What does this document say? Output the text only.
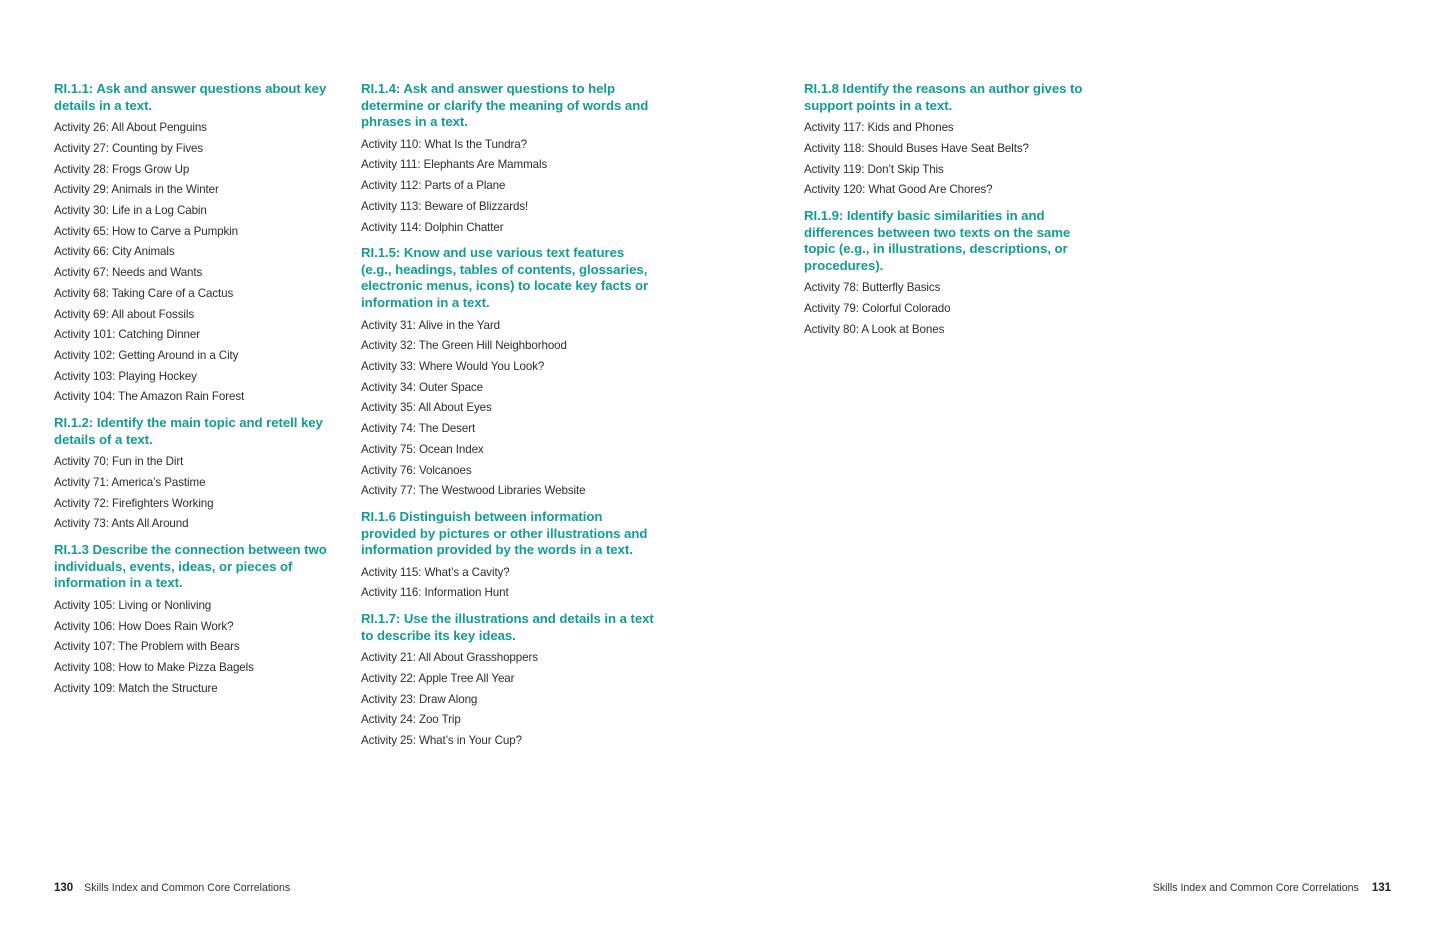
RI.1.1: Ask and answer questions about key details in a text.
Activity 26: All About Penguins
Activity 27: Counting by Fives
Activity 28: Frogs Grow Up
Activity 29: Animals in the Winter
Activity 30: Life in a Log Cabin
Activity 65: How to Carve a Pumpkin
Activity 66: City Animals
Activity 67: Needs and Wants
Activity 68: Taking Care of a Cactus
Activity 69: All about Fossils
Activity 101: Catching Dinner
Activity 102: Getting Around in a City
Activity 103: Playing Hockey
Activity 104: The Amazon Rain Forest
RI.1.2: Identify the main topic and retell key details of a text.
Activity 70: Fun in the Dirt
Activity 71: America’s Pastime
Activity 72: Firefighters Working
Activity 73: Ants All Around
RI.1.3 Describe the connection between two individuals, events, ideas, or pieces of information in a text.
Activity 105: Living or Nonliving
Activity 106: How Does Rain Work?
Activity 107: The Problem with Bears
Activity 108: How to Make Pizza Bagels
Activity 109: Match the Structure
RI.1.4: Ask and answer questions to help determine or clarify the meaning of words and phrases in a text.
Activity 110: What Is the Tundra?
Activity 111: Elephants Are Mammals
Activity 112: Parts of a Plane
Activity 113: Beware of Blizzards!
Activity 114: Dolphin Chatter
RI.1.5: Know and use various text features (e.g., headings, tables of contents, glossaries, electronic menus, icons) to locate key facts or information in a text.
Activity 31: Alive in the Yard
Activity 32: The Green Hill Neighborhood
Activity 33: Where Would You Look?
Activity 34: Outer Space
Activity 35: All About Eyes
Activity 74: The Desert
Activity 75: Ocean Index
Activity 76: Volcanoes
Activity 77: The Westwood Libraries Website
RI.1.6 Distinguish between information provided by pictures or other illustrations and information provided by the words in a text.
Activity 115: What’s a Cavity?
Activity 116: Information Hunt
RI.1.7: Use the illustrations and details in a text to describe its key ideas.
Activity 21: All About Grasshoppers
Activity 22: Apple Tree All Year
Activity 23: Draw Along
Activity 24: Zoo Trip
Activity 25: What’s in Your Cup?
RI.1.8 Identify the reasons an author gives to support points in a text.
Activity 117: Kids and Phones
Activity 118: Should Buses Have Seat Belts?
Activity 119: Don’t Skip This
Activity 120: What Good Are Chores?
RI.1.9: Identify basic similarities in and differences between two texts on the same topic (e.g., in illustrations, descriptions, or procedures).
Activity 78: Butterfly Basics
Activity 79: Colorful Colorado
Activity 80: A Look at Bones
130 Skills Index and Common Core Correlations	Skills Index and Common Core Correlations 131
